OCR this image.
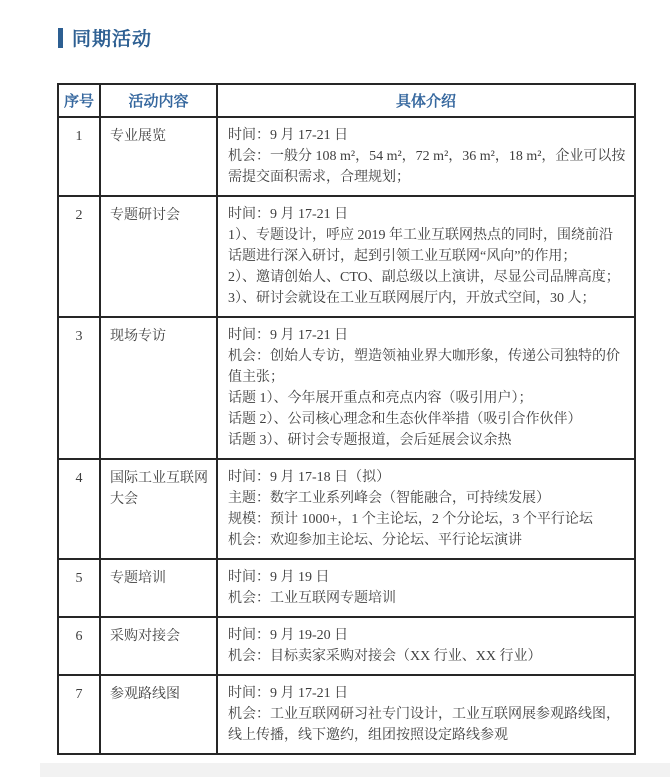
同期活动
序号	活动内容	具体介绍
1	专业展览	时间：9 月 17-21 日
机会：一般分 108 m²，54 m²，72 m²，36 m²，18 m²，企业可以按需提交面积需求，合理规划；

2	专题研讨会	时间：9 月 17-21 日
1）、专题设计，呼应 2019 年工业互联网热点的同时，围绕前沿话题进行深入研讨，起到引领工业互联网“风向”的作用；
2）、邀请创始人、CTO、副总级以上演讲，尽显公司品牌高度；
3）、研讨会就设在工业互联网展厅内，开放式空间，30 人；

3	现场专访	时间：9 月 17-21 日
机会：创始人专访，塑造领袖业界大咖形象，传递公司独特的价值主张；
话题 1）、今年展开重点和亮点内容（吸引用户）；
话题 2）、公司核心理念和生态伙伴举措（吸引合作伙伴）
话题 3）、研讨会专题报道，会后延展会议余热

4	国际工业互联网大会	时间：9 月 17-18 日（拟）
主题：数字工业系列峰会（智能融合，可持续发展）
规模：预计 1000+，1 个主论坛，2 个分论坛，3 个平行论坛
机会：欢迎参加主论坛、分论坛、平行论坛演讲

5	专题培训	时间：9 月 19 日
机会：工业互联网专题培训

6	采购对接会	时间：9 月 19-20 日
机会：目标卖家采购对接会（XX 行业、XX 行业）

7	参观路线图	时间：9 月 17-21 日
机会：工业互联网研习社专门设计，工业互联网展参观路线图，线上传播，线下邀约，组团按照设定路线参观
